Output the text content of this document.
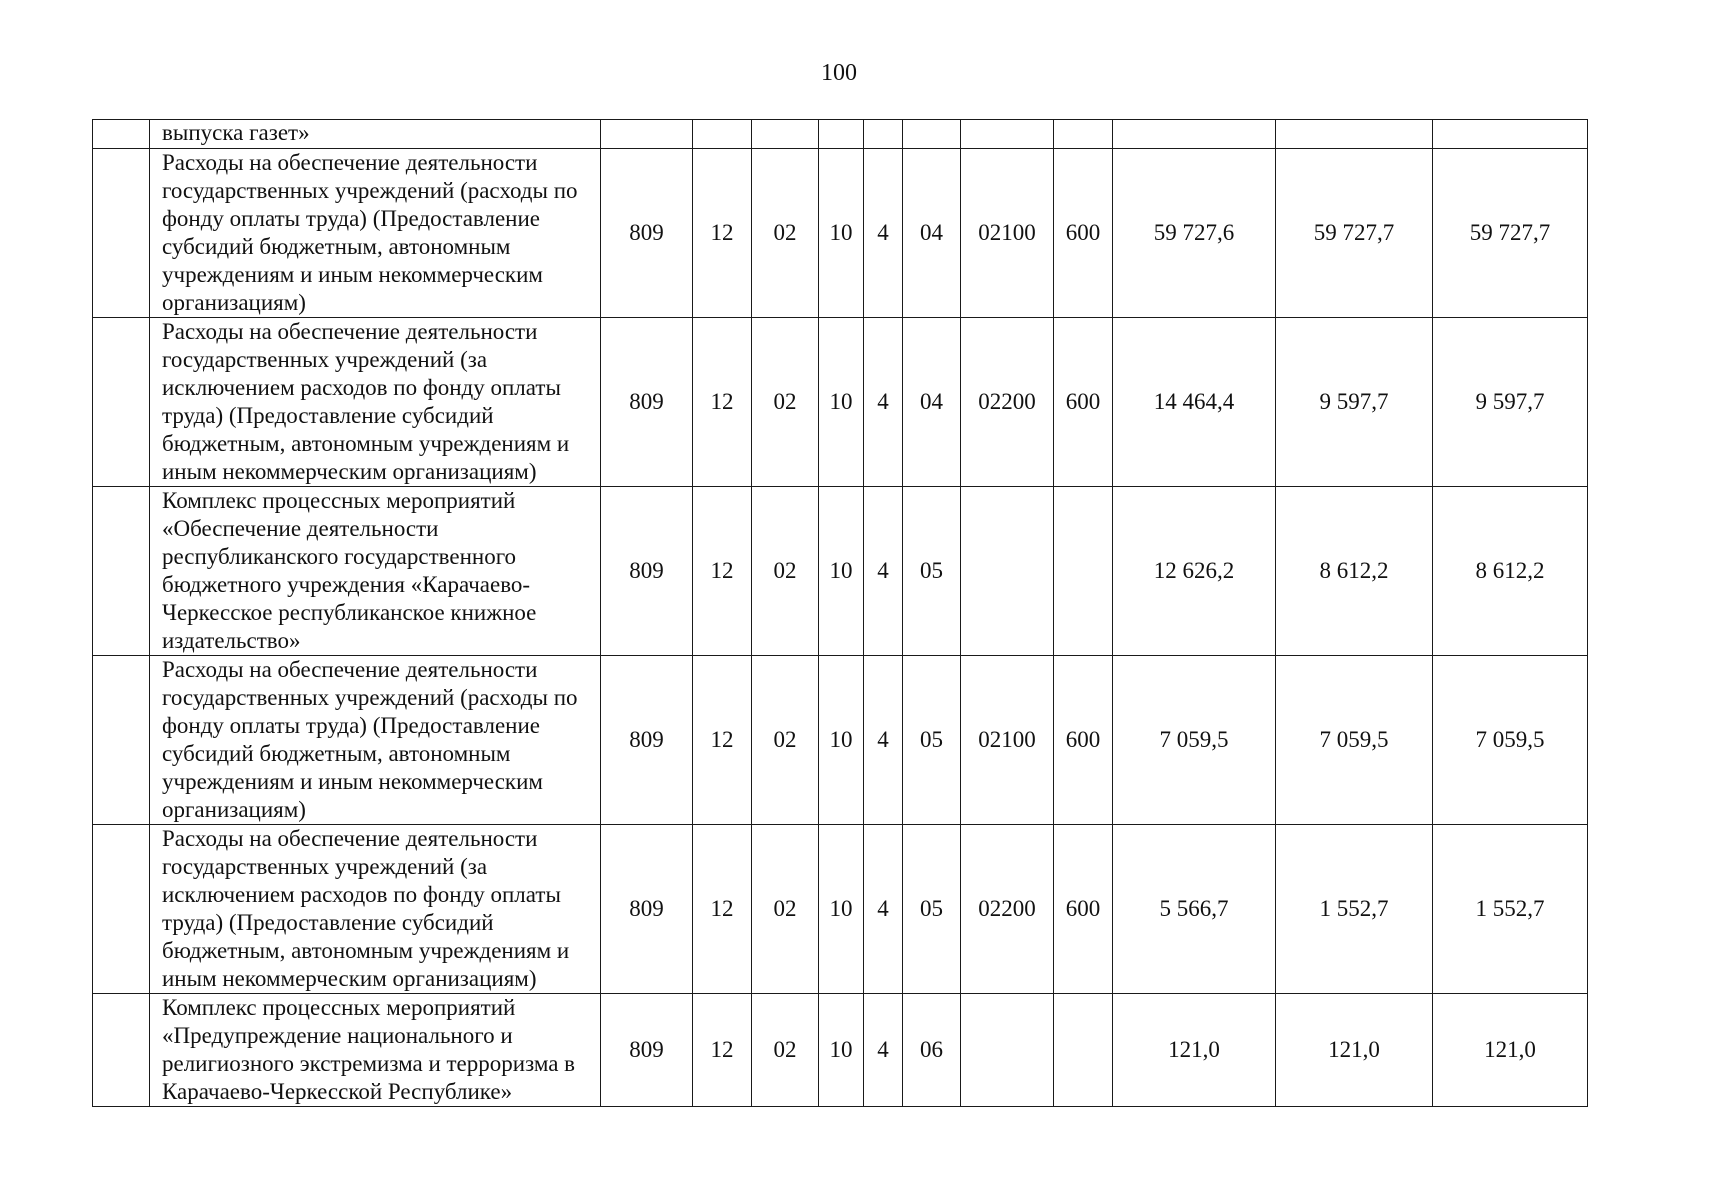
100
	выпуска газет»											
	Расходы на обеспечение деятельности государственных учреждений (расходы по фонду оплаты труда) (Предоставление субсидий бюджетным, автономным учреждениям и иным некоммерческим организациям)	809	12	02	10	4	04	02100	600	59 727,6	59 727,7	59 727,7
	Расходы на обеспечение деятельности государственных учреждений (за исключением расходов по фонду оплаты труда) (Предоставление субсидий бюджетным, автономным учреждениям и иным некоммерческим организациям)	809	12	02	10	4	04	02200	600	14 464,4	9 597,7	9 597,7
	Комплекс процессных мероприятий «Обеспечение деятельности республиканского государственного бюджетного учреждения «Карачаево-Черкесское республиканское книжное издательство»	809	12	02	10	4	05			12 626,2	8 612,2	8 612,2
	Расходы на обеспечение деятельности государственных учреждений (расходы по фонду оплаты труда) (Предоставление субсидий бюджетным, автономным учреждениям и иным некоммерческим организациям)	809	12	02	10	4	05	02100	600	7 059,5	7 059,5	7 059,5
	Расходы на обеспечение деятельности государственных учреждений (за исключением расходов по фонду оплаты труда) (Предоставление субсидий бюджетным, автономным учреждениям и иным некоммерческим организациям)	809	12	02	10	4	05	02200	600	5 566,7	1 552,7	1 552,7
	Комплекс процессных мероприятий «Предупреждение национального и религиозного экстремизма и терроризма в Карачаево-Черкесской Республике»	809	12	02	10	4	06			121,0	121,0	121,0
